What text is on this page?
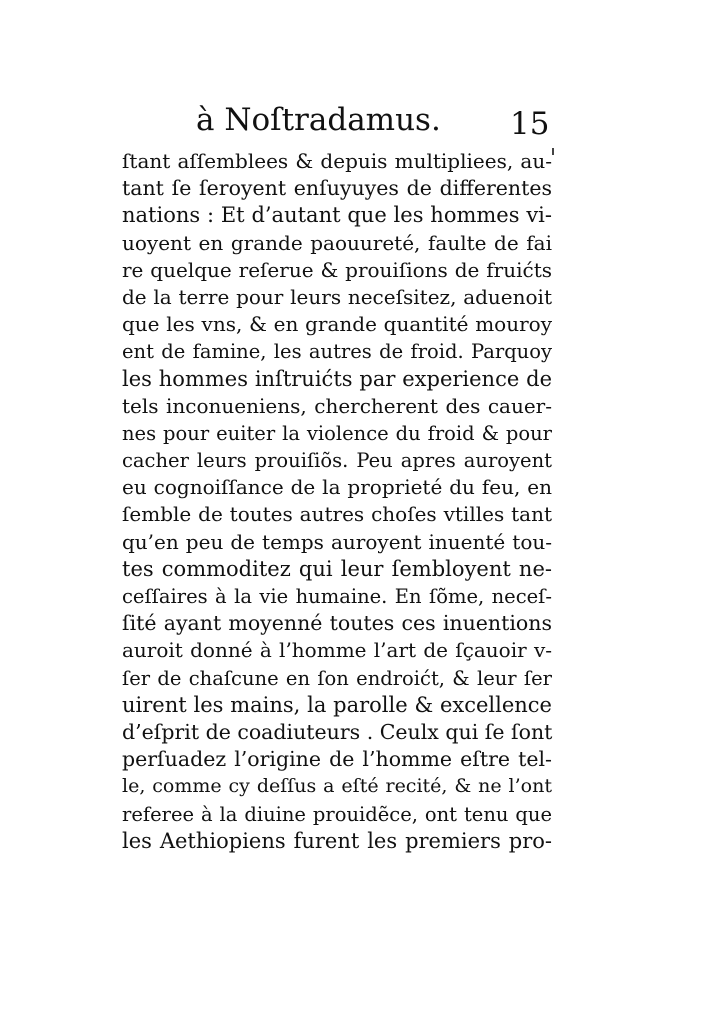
à Noſtradamus. 15
ſtant aſſemblees & depuis multipliees, au-
tant ſe ſeroyent enſuyuyes de differentes
nations : Et d’autant que les hommes vi-
uoyent en grande paouureté, faulte de fai
re quelque reſerue & prouiſions de fruićts
de la terre pour leurs neceſsitez, aduenoit
que les vns, & en grande quantité mouroy
ent de famine, les autres de froid. Parquoy
les hommes inſtruićts par experience de
tels inconueniens, chercherent des cauer-
nes pour euiter la violence du froid & pour
cacher leurs prouiſiõs. Peu apres auroyent
eu cognoiſſance de la proprieté du feu, en
ſemble de toutes autres choſes vtilles tant
qu’en peu de temps auroyent inuenté tou-
tes commoditez qui leur ſembloyent ne-
ceſſaires à la vie humaine. En ſõme, neceſ-
ſité ayant moyenné toutes ces inuentions
auroit donné à l’homme l’art de ſçauoir v-
ſer de chaſcune en ſon endroićt, & leur ſer
uirent les mains, la parolle & excellence
d’eſprit de coadiuteurs . Ceulx qui ſe ſont
perſuadez l’origine de l’homme eſtre tel-
le, comme cy deſſus a eſté recité, & ne l’ont
referee à la diuine prouidẽce, ont tenu que
les Aethiopiens furent les premiers pro-
